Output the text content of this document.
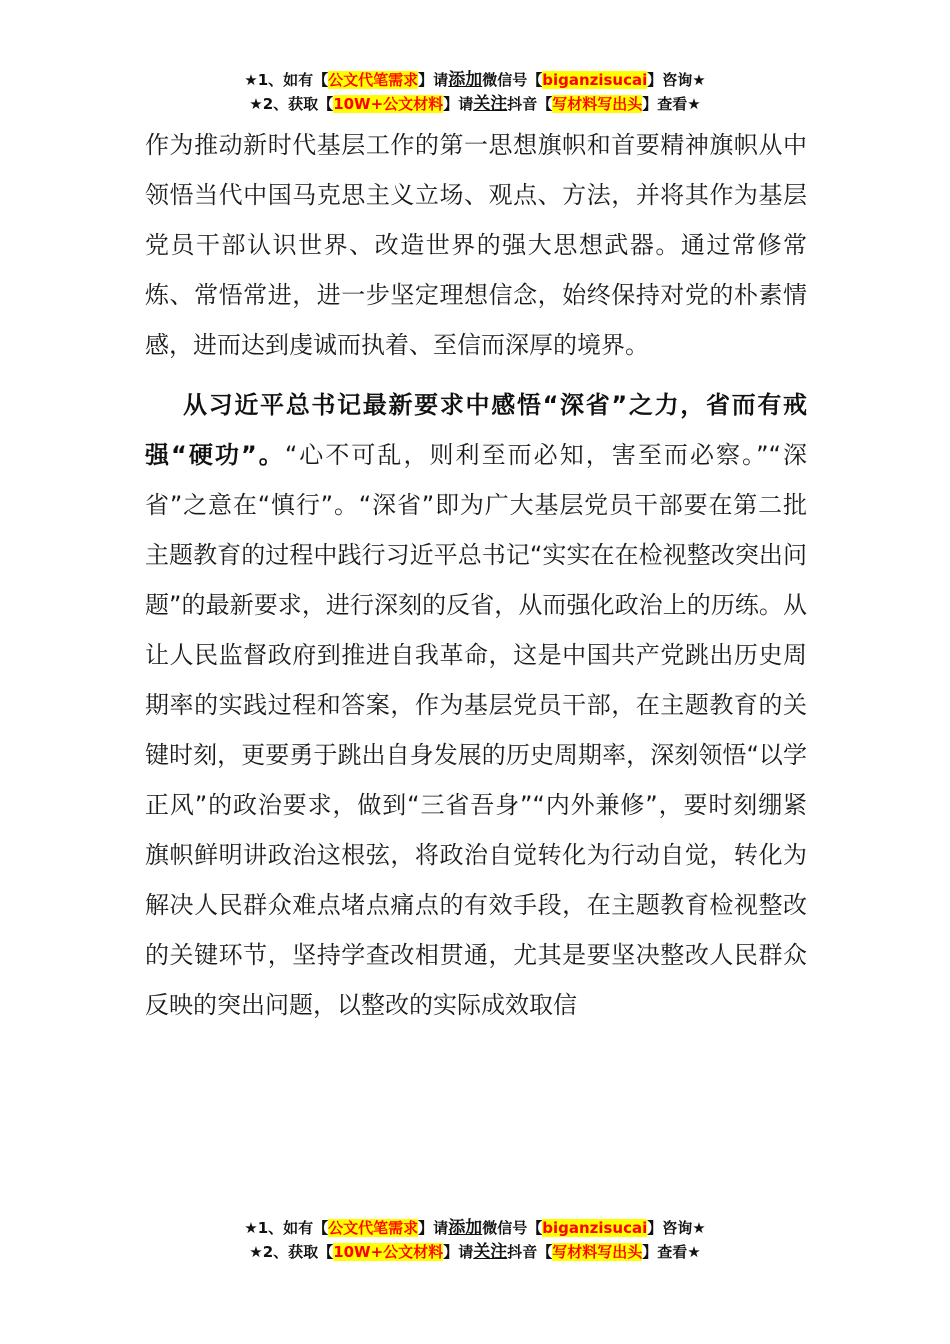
★1、如有【公文代笔需求】请添加微信号【biganzisucai】咨询★
★2、获取【10W+公文材料】请关注抖音【写材料写出头】查看★

作为推动新时代基层工作的第一思想旗帜和首要精神旗帜从中领悟当代中国马克思主义立场、观点、方法，并将其作为基层党员干部认识世界、改造世界的强大思想武器。通过常修常炼、常悟常进，进一步坚定理想信念，始终保持对党的朴素情感，进而达到虔诚而执着、至信而深厚的境界。

从习近平总书记最新要求中感悟“深省”之力，省而有戒强“硬功”。“心不可乱，则利至而必知，害至而必察。”“深省”之意在“慎行”。“深省”即为广大基层党员干部要在第二批主题教育的过程中践行习近平总书记“实实在在检视整改突出问题”的最新要求，进行深刻的反省，从而强化政治上的历练。从让人民监督政府到推进自我革命，这是中国共产党跳出历史周期率的实践过程和答案，作为基层党员干部，在主题教育的关键时刻，更要勇于跳出自身发展的历史周期率，深刻领悟“以学正风”的政治要求，做到“三省吾身”“内外兼修”，要时刻绷紧旗帜鲜明讲政治这根弦，将政治自觉转化为行动自觉，转化为解决人民群众难点堵点痛点的有效手段，在主题教育检视整改的关键环节，坚持学查改相贯通，尤其是要坚决整改人民群众反映的突出问题，以整改的实际成效取信

★1、如有【公文代笔需求】请添加微信号【biganzisucai】咨询★
★2、获取【10W+公文材料】请关注抖音【写材料写出头】查看★
